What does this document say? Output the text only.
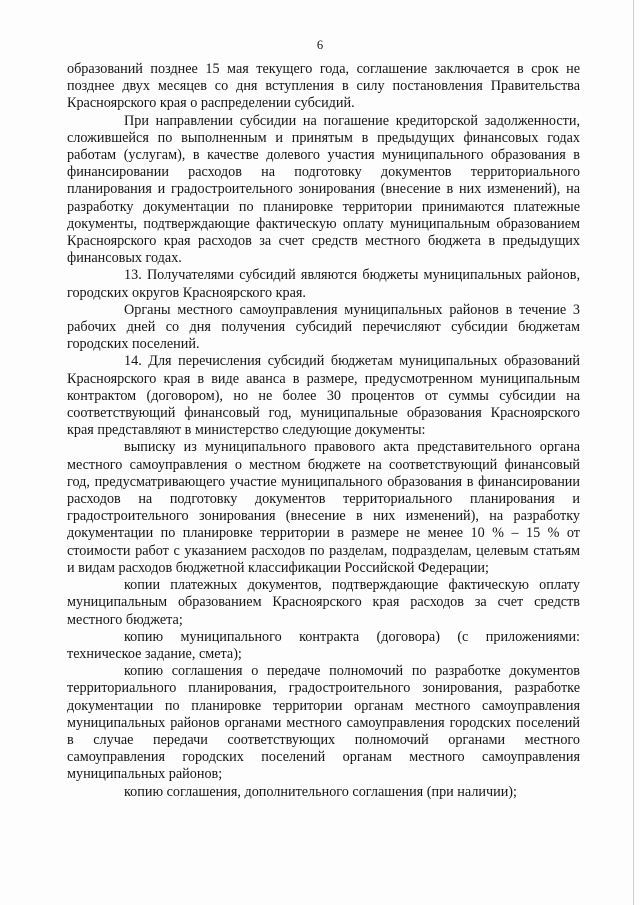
6

образований позднее 15 мая текущего года, соглашение заключается в срок не позднее двух месяцев со дня вступления в силу постановления Правительства Красноярского края о распределении субсидий.

При направлении субсидии на погашение кредиторской задолженности, сложившейся по выполненным и принятым в предыдущих финансовых годах работам (услугам), в качестве долевого участия муниципального образования в финансировании расходов на подготовку документов территориального планирования и градостроительного зонирования (внесение в них изменений), на разработку документации по планировке территории принимаются платежные документы, подтверждающие фактическую оплату муниципальным образованием Красноярского края расходов за счет средств местного бюджета в предыдущих финансовых годах.

13. Получателями субсидий являются бюджеты муниципальных районов, городских округов Красноярского края.

Органы местного самоуправления муниципальных районов в течение 3 рабочих дней со дня получения субсидий перечисляют субсидии бюджетам городских поселений.

14. Для перечисления субсидий бюджетам муниципальных образований Красноярского края в виде аванса в размере, предусмотренном муниципальным контрактом (договором), но не более 30 процентов от суммы субсидии на соответствующий финансовый год, муниципальные образования Красноярского края представляют в министерство следующие документы:

выписку из муниципального правового акта представительного органа местного самоуправления о местном бюджете на соответствующий финансовый год, предусматривающего участие муниципального образования в финансировании расходов на подготовку документов территориального планирования и градостроительного зонирования (внесение в них изменений), на разработку документации по планировке территории в размере не менее 10 % – 15 % от стоимости работ с указанием расходов по разделам, подразделам, целевым статьям и видам расходов бюджетной классификации Российской Федерации;

копии платежных документов, подтверждающие фактическую оплату муниципальным образованием Красноярского края расходов за счет средств местного бюджета;

копию муниципального контракта (договора) (с приложениями: техническое задание, смета);

копию соглашения о передаче полномочий по разработке документов территориального планирования, градостроительного зонирования, разработке документации по планировке территории органам местного самоуправления муниципальных районов органами местного самоуправления городских поселений в случае передачи соответствующих полномочий органами местного самоуправления городских поселений органам местного самоуправления муниципальных районов;

копию соглашения, дополнительного соглашения (при наличии);
